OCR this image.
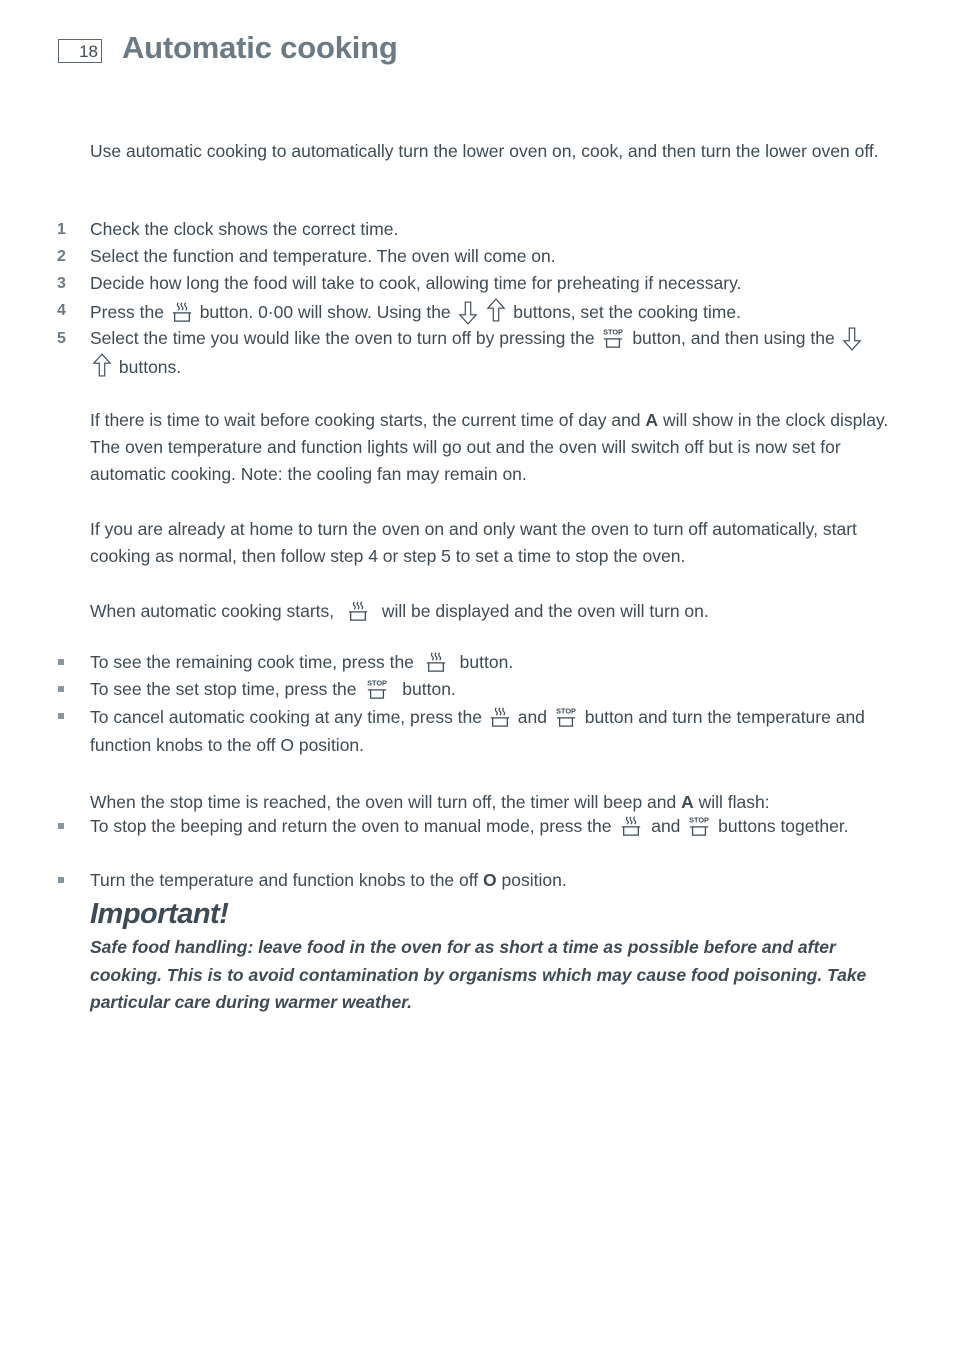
18 Automatic cooking
Use automatic cooking to automatically turn the lower oven on, cook, and then turn the lower oven off.
1 Check the clock shows the correct time.
2 Select the function and temperature. The oven will come on.
3 Decide how long the food will take to cook, allowing time for preheating if necessary.
4 Press the button. 0·00 will show. Using the	buttons, set the cooking time.
5 Select the time you would like the oven to turn off by pressing the button, and then using the   buttons.
If there is time to wait before cooking starts, the current time of day and A will show in the clock display. The oven temperature and function lights will go out and the oven will switch off but is now set for automatic cooking. Note: the cooling fan may remain on.
If you are already at home to turn the oven on and only want the oven to turn off automatically, start cooking as normal, then follow step 4 or step 5 to set a time to stop the oven.
When automatic cooking starts,	will be displayed and the oven will turn on.
To see the remaining cook time, press the	button.
To see the set stop time, press the	button.
To cancel automatic cooking at any time, press the and button and turn the temperature and function knobs to the off O position.
When the stop time is reached, the oven will turn off, the timer will beep and A will flash:
To stop the beeping and return the oven to manual mode, press the and buttons together.
Turn the temperature and function knobs to the off O position.
Important!
Safe food handling: leave food in the oven for as short a time as possible before and after cooking. This is to avoid contamination by organisms which may cause food poisoning. Take particular care during warmer weather.
